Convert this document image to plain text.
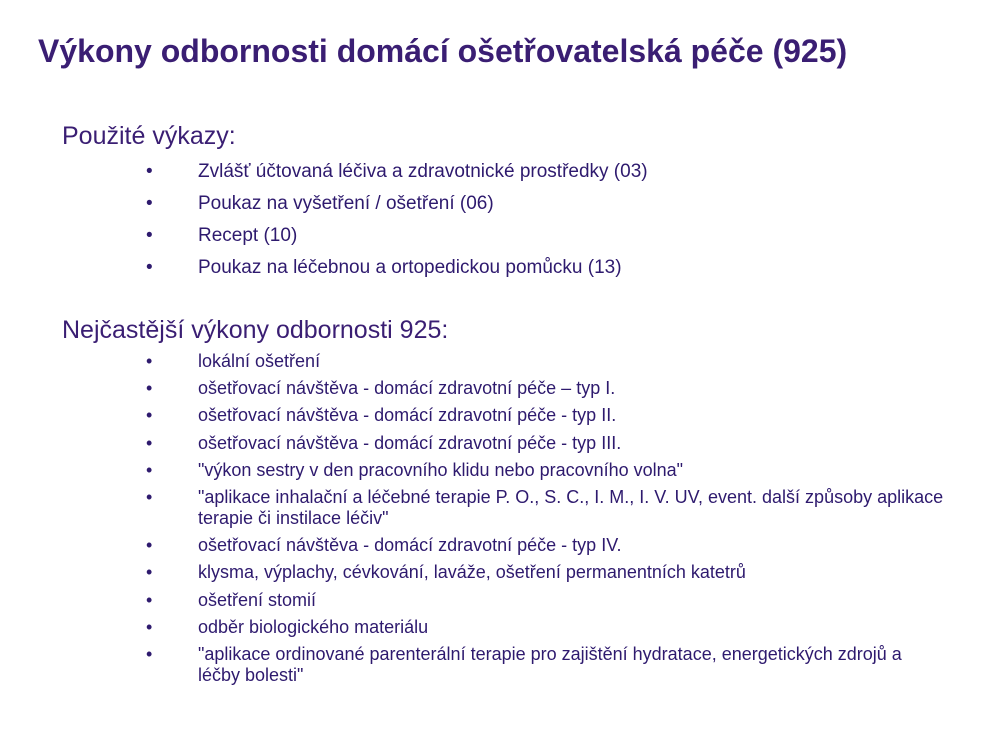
Výkony odbornosti domácí ošetřovatelská péče (925)
Použité výkazy:
• Zvlášť účtovaná léčiva a zdravotnické prostředky (03)
• Poukaz na vyšetření / ošetření (06)
• Recept (10)
• Poukaz na léčebnou a ortopedickou pomůcku (13)
Nejčastější výkony odbornosti 925:
•	lokální ošetření
•	ošetřovací návštěva - domácí zdravotní péče – typ I.
•	ošetřovací návštěva - domácí zdravotní péče - typ II.
•	ošetřovací návštěva - domácí zdravotní péče - typ III.
•	"výkon sestry v den pracovního klidu nebo pracovního volna"
•	"aplikace inhalační a léčebné terapie P. O., S. C., I. M., I. V. UV, event. další způsoby aplikace terapie či instilace léčiv"
•	ošetřovací návštěva - domácí zdravotní péče - typ IV.
•	klysma, výplachy, cévkování, laváže, ošetření permanentních katetrů
•	ošetření stomií
•	odběr biologického materiálu
•	"aplikace ordinované parenterální terapie pro zajištění hydratace, energetických zdrojů a léčby bolesti"
